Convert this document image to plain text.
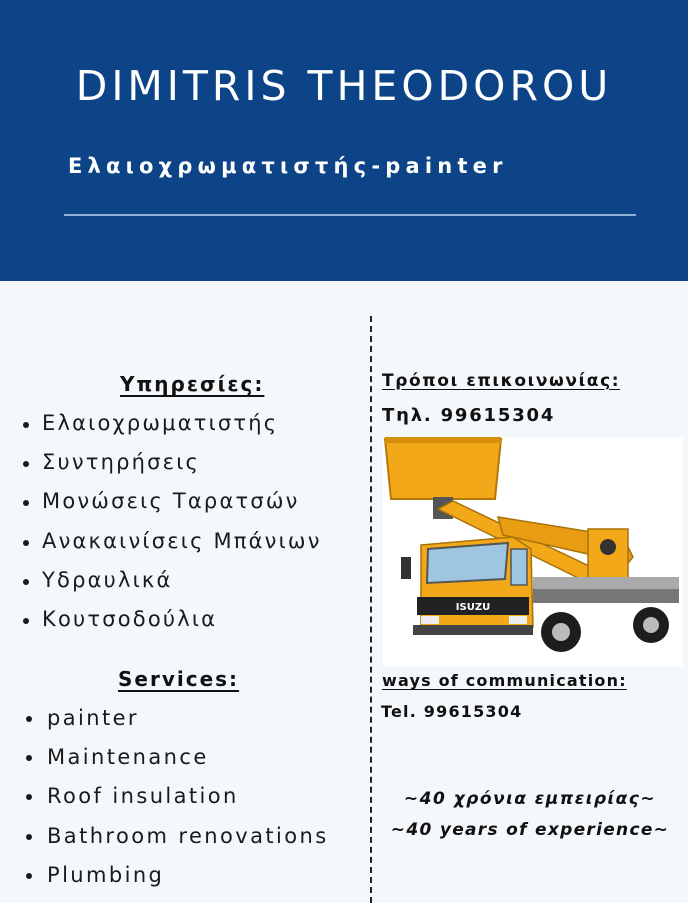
DIMITRIS THEODOROU
Ελαιοχρωματιστής-painter
Υπηρεσίες:
Ελαιοχρωματιστής
Συντηρήσεις
Μονώσεις Ταρατσών
Ανακαινίσεις Μπάνιων
Υδραυλικά
Κουτσοδούλια
Services:
painter
Maintenance
Roof insulation
Bathroom renovations
Plumbing
Τρόποι επικοινωνίας:
Τηλ. 99615304
ISUZU
ways of communication:
Tel. 99615304
~40 χρόνια εμπειρίας~
~40 years of experience~
